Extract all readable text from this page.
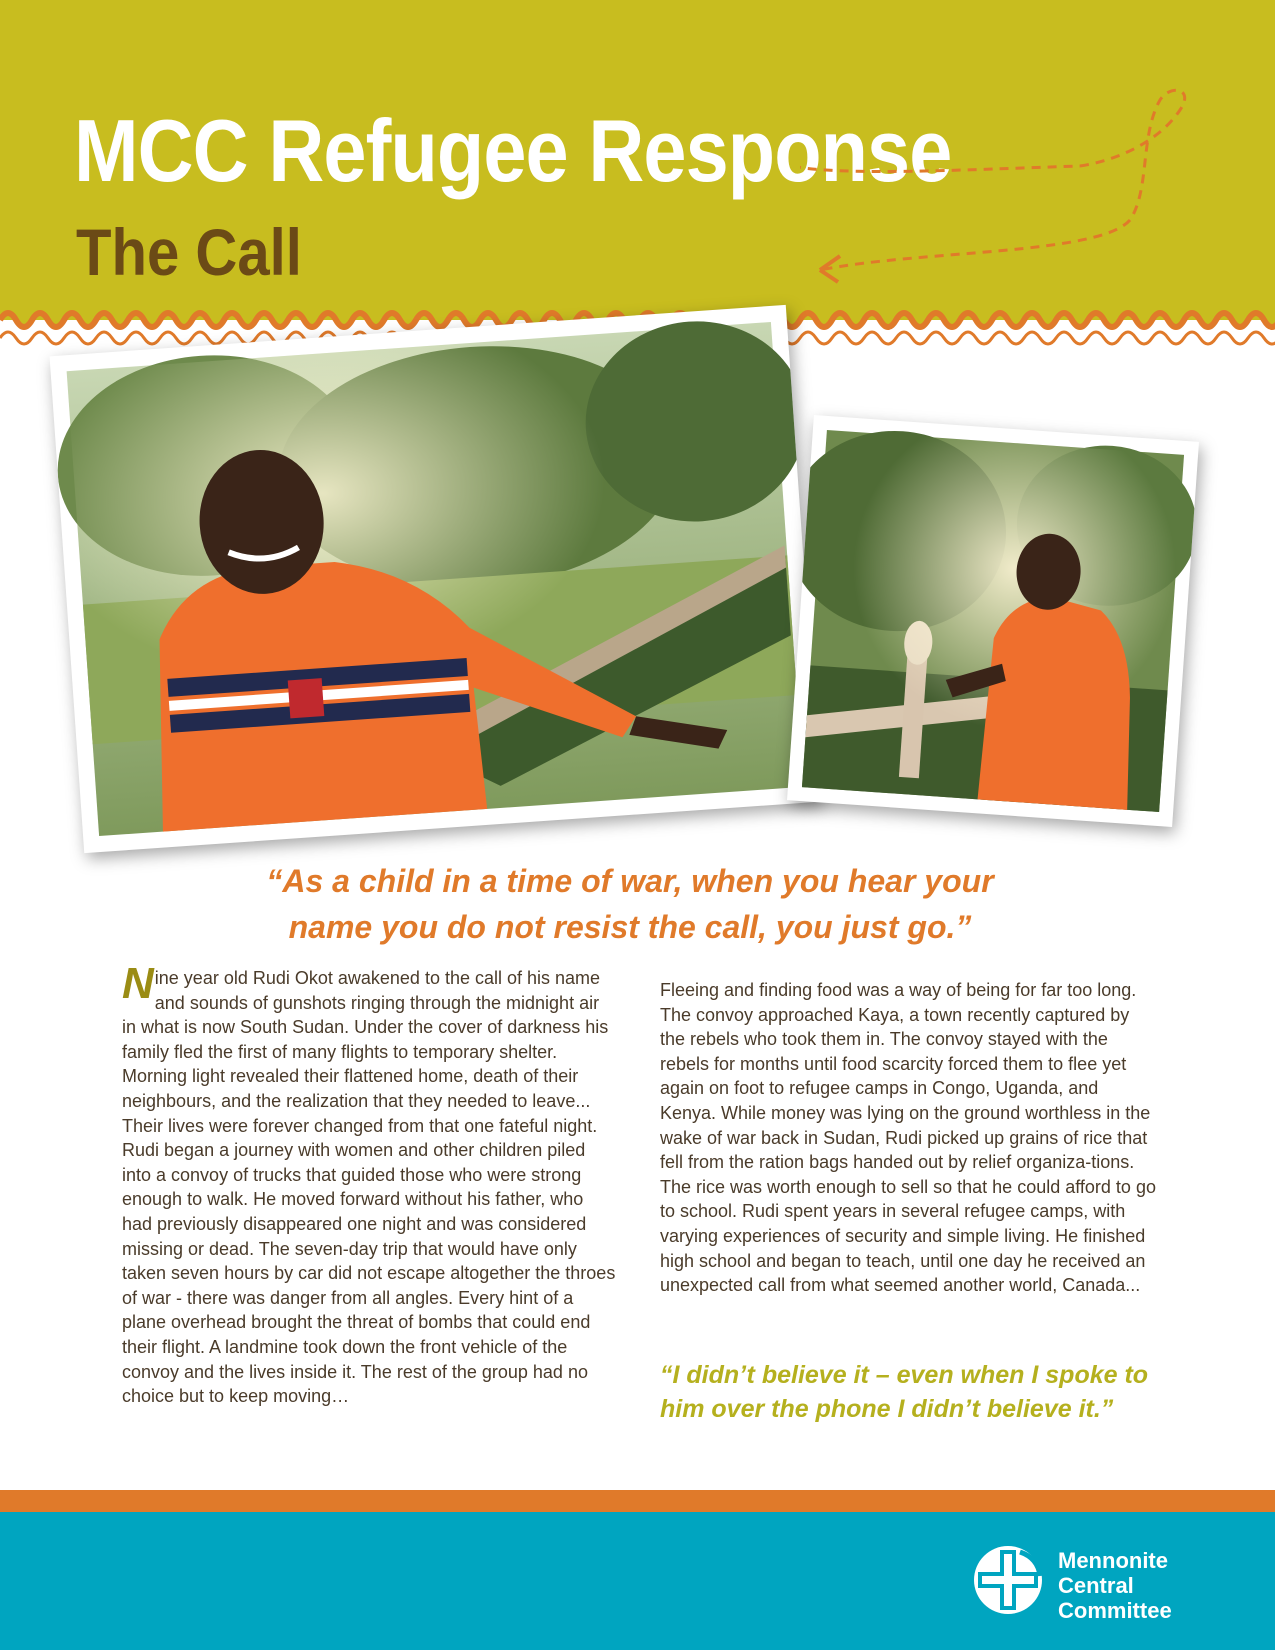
MCC Refugee Response
The Call
“As a child in a time of war, when you hear your
name you do not resist the call, you just go.”
N ine year old Rudi Okot awakened to the call of his name and sounds of gunshots ringing through the midnight air in what is now South Sudan. Under the cover of darkness his family fled the first of many flights to temporary shelter. Morning light revealed their flattened home, death of their neighbours, and the realization that they needed to leave... Their lives were forever changed from that one fateful night. Rudi began a journey with women and other children piled into a convoy of trucks that guided those who were strong enough to walk. He moved forward without his father, who had previously disappeared one night and was considered missing or dead. The seven-day trip that would have only taken seven hours by car did not escape altogether the throes of war - there was danger from all angles. Every hint of a plane overhead brought the threat of bombs that could end their flight. A landmine took down the front vehicle of the convoy and the lives inside it. The rest of the group had no choice but to keep moving…
Fleeing and finding food was a way of being for far too long. The convoy approached Kaya, a town recently captured by the rebels who took them in. The convoy stayed with the rebels for months until food scarcity forced them to flee yet again on foot to refugee camps in Congo, Uganda, and Kenya. While money was lying on the ground worthless in the wake of war back in Sudan, Rudi picked up grains of rice that fell from the ration bags handed out by relief organiza-tions. The rice was worth enough to sell so that he could afford to go to school. Rudi spent years in several refugee camps, with varying experiences of security and simple living. He finished high school and began to teach, until one day he received an unexpected call from what seemed another world, Canada...
“I didn’t believe it – even when I spoke to
him over the phone I didn’t believe it.”
Mennonite
Central
Committee
